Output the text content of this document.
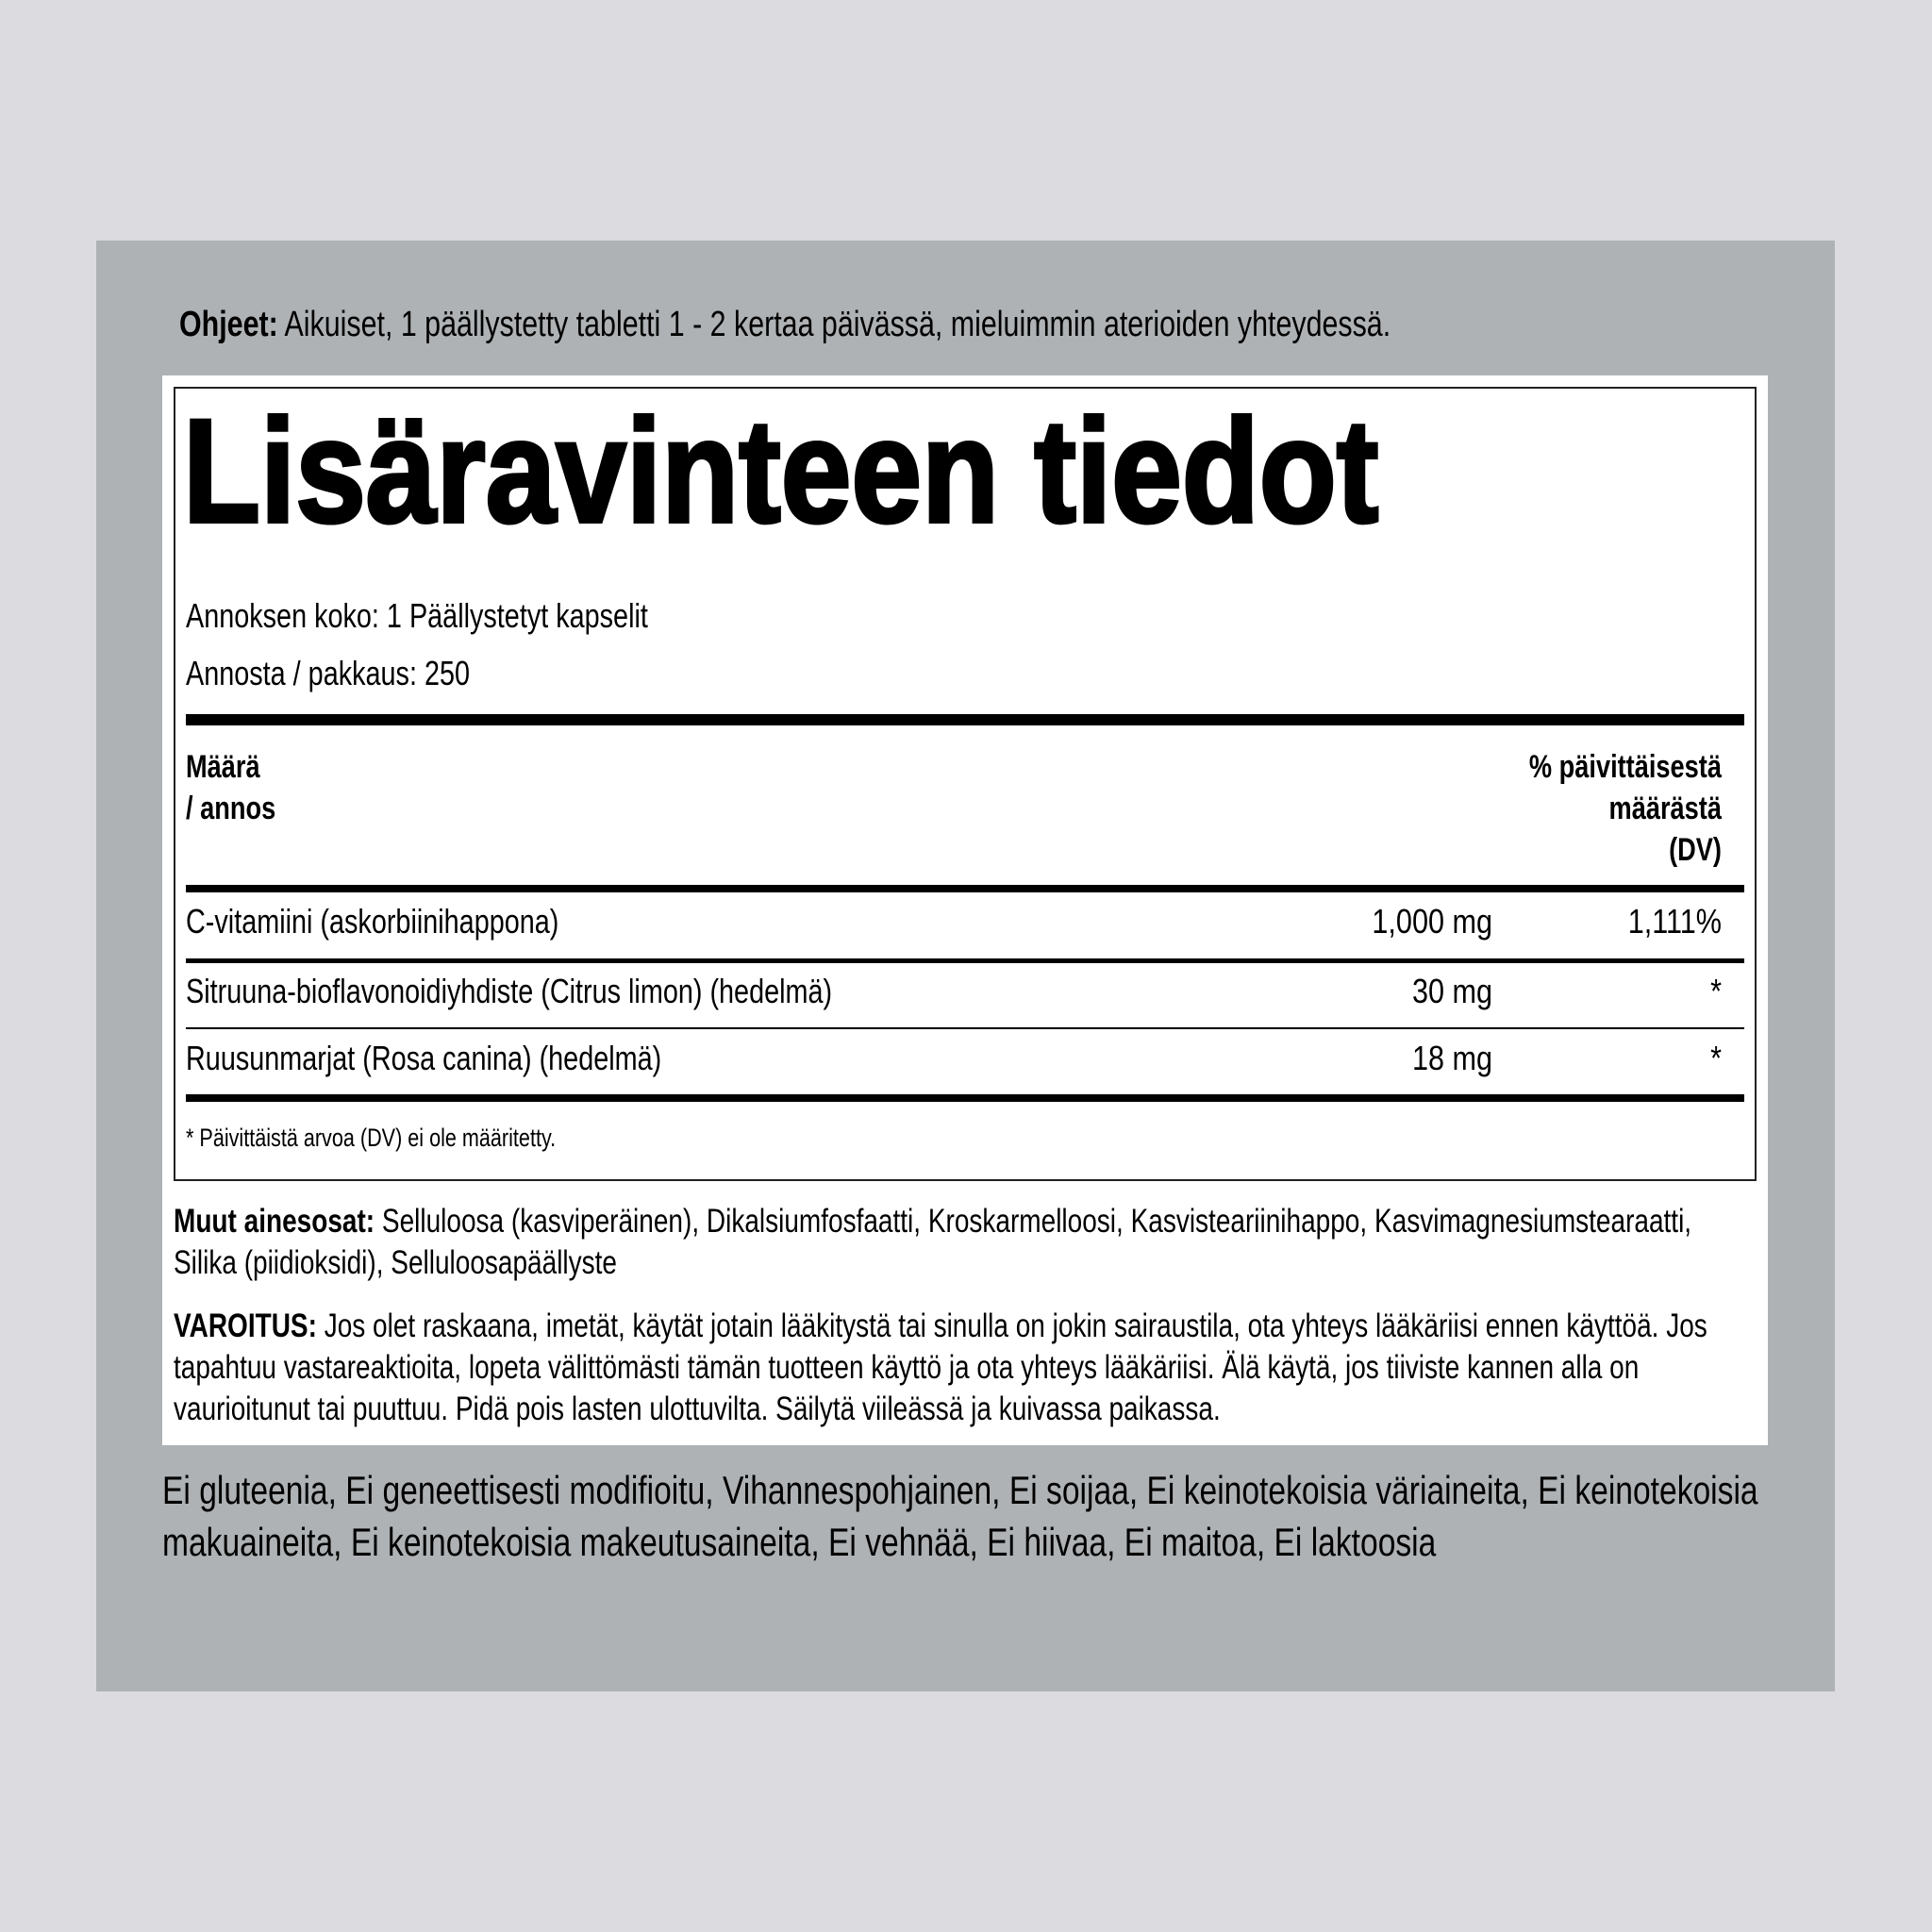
Ohjeet: Aikuiset, 1 päällystetty tabletti 1 - 2 kertaa päivässä, mieluimmin aterioiden yhteydessä.
Lisäravinteen tiedot
Annoksen koko: 1 Päällystetyt kapselit
Annosta / pakkaus: 250
Määrä
/ annos
% päivittäisestä
määrästä
(DV)
C-vitamiini (askorbiinihappona)	1,000 mg	1,111%
Sitruuna-bioflavonoidiyhdiste (Citrus limon) (hedelmä)	30 mg	*
Ruusunmarjat (Rosa canina) (hedelmä)	18 mg	*
* Päivittäistä arvoa (DV) ei ole määritetty.
Muut ainesosat: Selluloosa (kasviperäinen), Dikalsiumfosfaatti, Kroskarmelloosi, Kasvisteariinihappo, Kasvimagnesiumstearaatti, Silika (piidioksidi), Selluloosapäällyste
VAROITUS: Jos olet raskaana, imetät, käytät jotain lääkitystä tai sinulla on jokin sairaustila, ota yhteys lääkäriisi ennen käyttöä. Jos tapahtuu vastareaktioita, lopeta välittömästi tämän tuotteen käyttö ja ota yhteys lääkäriisi. Älä käytä, jos tiiviste kannen alla on vaurioitunut tai puuttuu. Pidä pois lasten ulottuvilta. Säilytä viileässä ja kuivassa paikassa.
Ei gluteenia, Ei geneettisesti modifioitu, Vihannespohjainen, Ei soijaa, Ei keinotekoisia väriaineita, Ei keinotekoisia makuaineita, Ei keinotekoisia makeutusaineita, Ei vehnää, Ei hiivaa, Ei maitoa, Ei laktoosia
